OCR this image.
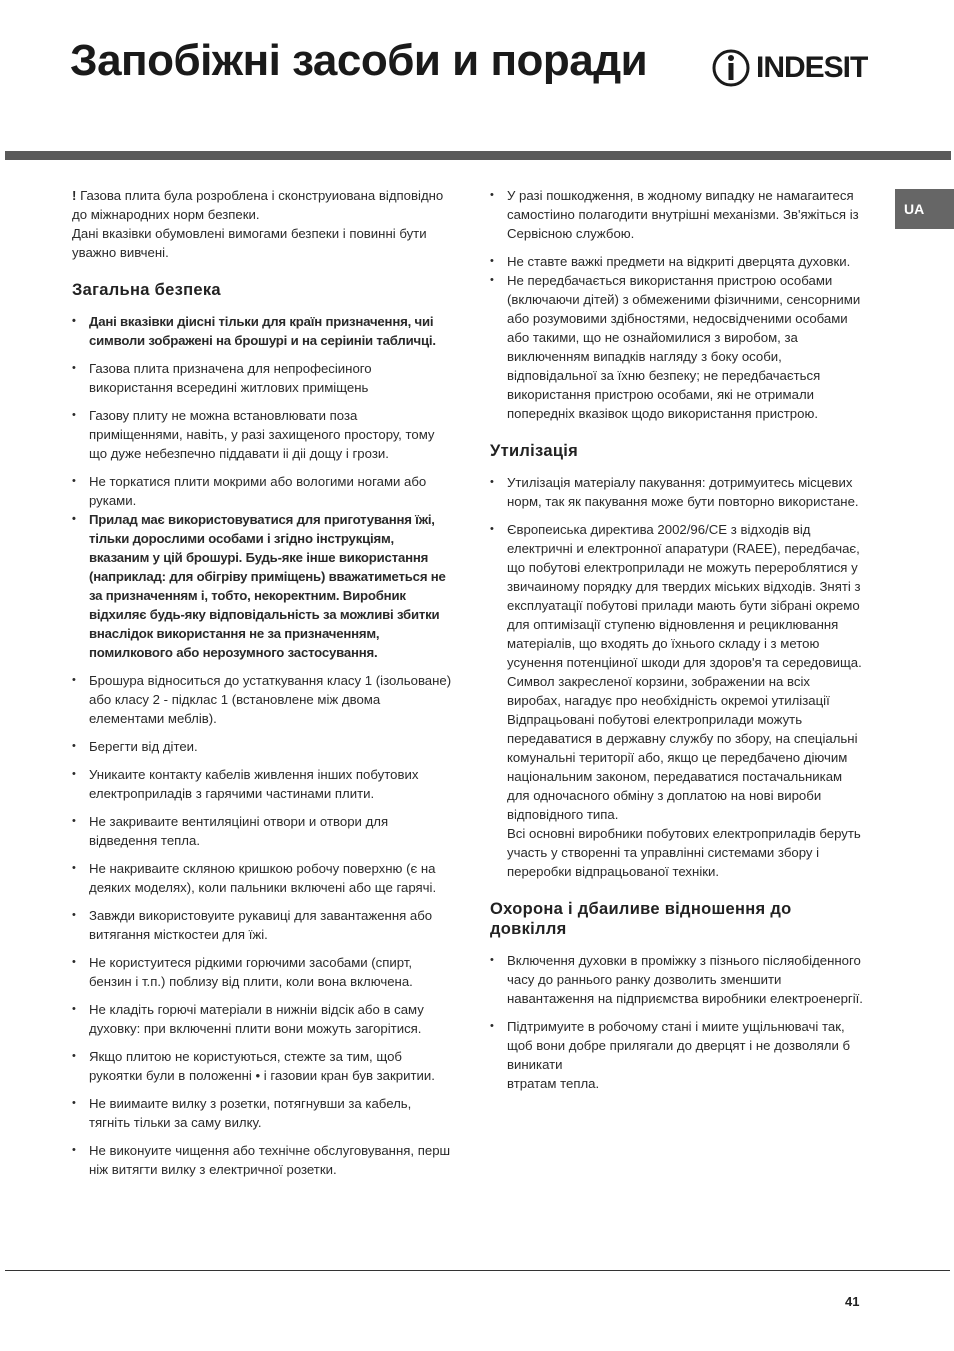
Запобіжні засоби и поради	INDESIT
UA

! Газова плита була розроблена і сконструиована відповідно до міжнародних норм безпеки.
Дані вказівки обумовлені вимогами безпеки і повинні бути уважно вивчені.

Загальна безпека
• Дані вказівки діисні тільки для країн призначення, чиі символи зображені на брошурі и на серіиніи табличці.
• Газова плита призначена для непрофесіиного використання всередині житлових приміщень
• Газову плиту не можна встановлювати поза приміщеннями, навіть, у разі захищеного простору, тому що дуже небезпечно піддавати іі діі дощу і грози.
• Не торкатися плити мокрими або вологими ногами або руками.
• Прилад має використовуватися для приготування їжі, тільки дорослими особами і згідно інструкціям, вказаним у цій брошурі. Будь-яке інше використання (наприклад: для обігріву приміщень) вважатиметься не за призначенням і, тобто, некоректним. Виробник відхиляє будь-яку відповідальність за можливі збитки внаслідок використання не за призначенням, помилкового або нерозумного застосування.
• Брошура відноситься до устаткування класу 1 (ізольоване) або класу 2 - підклас 1 (встановлене між двома елементами меблів).
• Берегти від дітеи.
• Уникаите контакту кабелів живлення інших побутових електроприладів з гарячими частинами плити.
• Не закриваите вентиляціині отвори и отвори для відведення тепла.
• Не накриваите скляною кришкою робочу поверхню (є на деяких моделях), коли пальники включені або ще гарячі.
• Завжди використовуите рукавиці для завантаження або витягання місткостеи для їжі.
• Не користуитеся рідкими горючими засобами (спирт, бензин і т.п.) поблизу від плити, коли вона включена.
• Не кладіть горючі матеріали в нижніи відсік або в саму духовку: при включенні плити вони можуть загорітися.
• Якщо плитою не користуються, стежте за тим, щоб рукоятки були в положенні • і газовии кран був закритии.
• Не виимаите вилку з розетки, потягнувши за кабель, тягніть тільки за саму вилку.
• Не виконуите чищення або технічне обслуговування, перш ніж витягти вилку з електричної розетки.
• У разі пошкодження, в жодному випадку не намагаитеся самостіино полагодити внутрішні механізми. Зв'яжіться із Сервісною службою.
• Не ставте важкі предмети на відкриті дверцята духовки.
• Не передбачається використання пристрою особами (включаючи дітей) з обмеженими фізичними, сенсорними або розумовими здібностями, недосвідченими особами або такими, що не ознайомилися з виробом, за виключенням випадків нагляду з боку особи, відповідальної за їхню безпеку; не передбачається використання пристрою особами, які не отримали попередніх вказівок щодо використання пристрою.
Утилізація
• Утилізація матеріалу пакування: дотримуитесь місцевих норм, так як пакування може бути повторно використане.
• Європеиська директива 2002/96/CE з відходів від електричні и електронної апаратури (RAEE), передбачає, що побутові електроприлади не можуть перероблятися у звичаиному порядку для твердих міських відходів. Зняті з експлуатації побутові прилади мають бути зібрані окремо для оптимізації ступеню відновлення и рециклювання матеріалів, що входять до їхнього складу і з метою усунення потенціиної шкоди для здоров'я та середовища. Символ закресленої корзини, зображении на всіх виробах, нагадує про необхідність окремоі утилізації
Відпрацьовані побутові електроприлади можуть передаватися в державну службу по збору, на спеціальні комунальні території або, якщо це передбачено діючим національним законом, передаватися постачальникам для одночасного обміну з доплатою на нові вироби відповідного типа.
Всі основні виробники побутових електроприладів беруть участь у створенні та управлінні системами збору і переробки відпрацьованої техніки.
Охорона і дбаиливе відношення до довкілля
• Включення духовки в проміжку з пізнього післяобіденного часу до раннього ранку дозволить зменшити навантаження на підприємства виробники електроенергії.
• Підтримуите в робочому стані і миите ущільнювачі так, щоб вони добре прилягали до дверцят і не дозволяли б виникати
втратам тепла.
41
